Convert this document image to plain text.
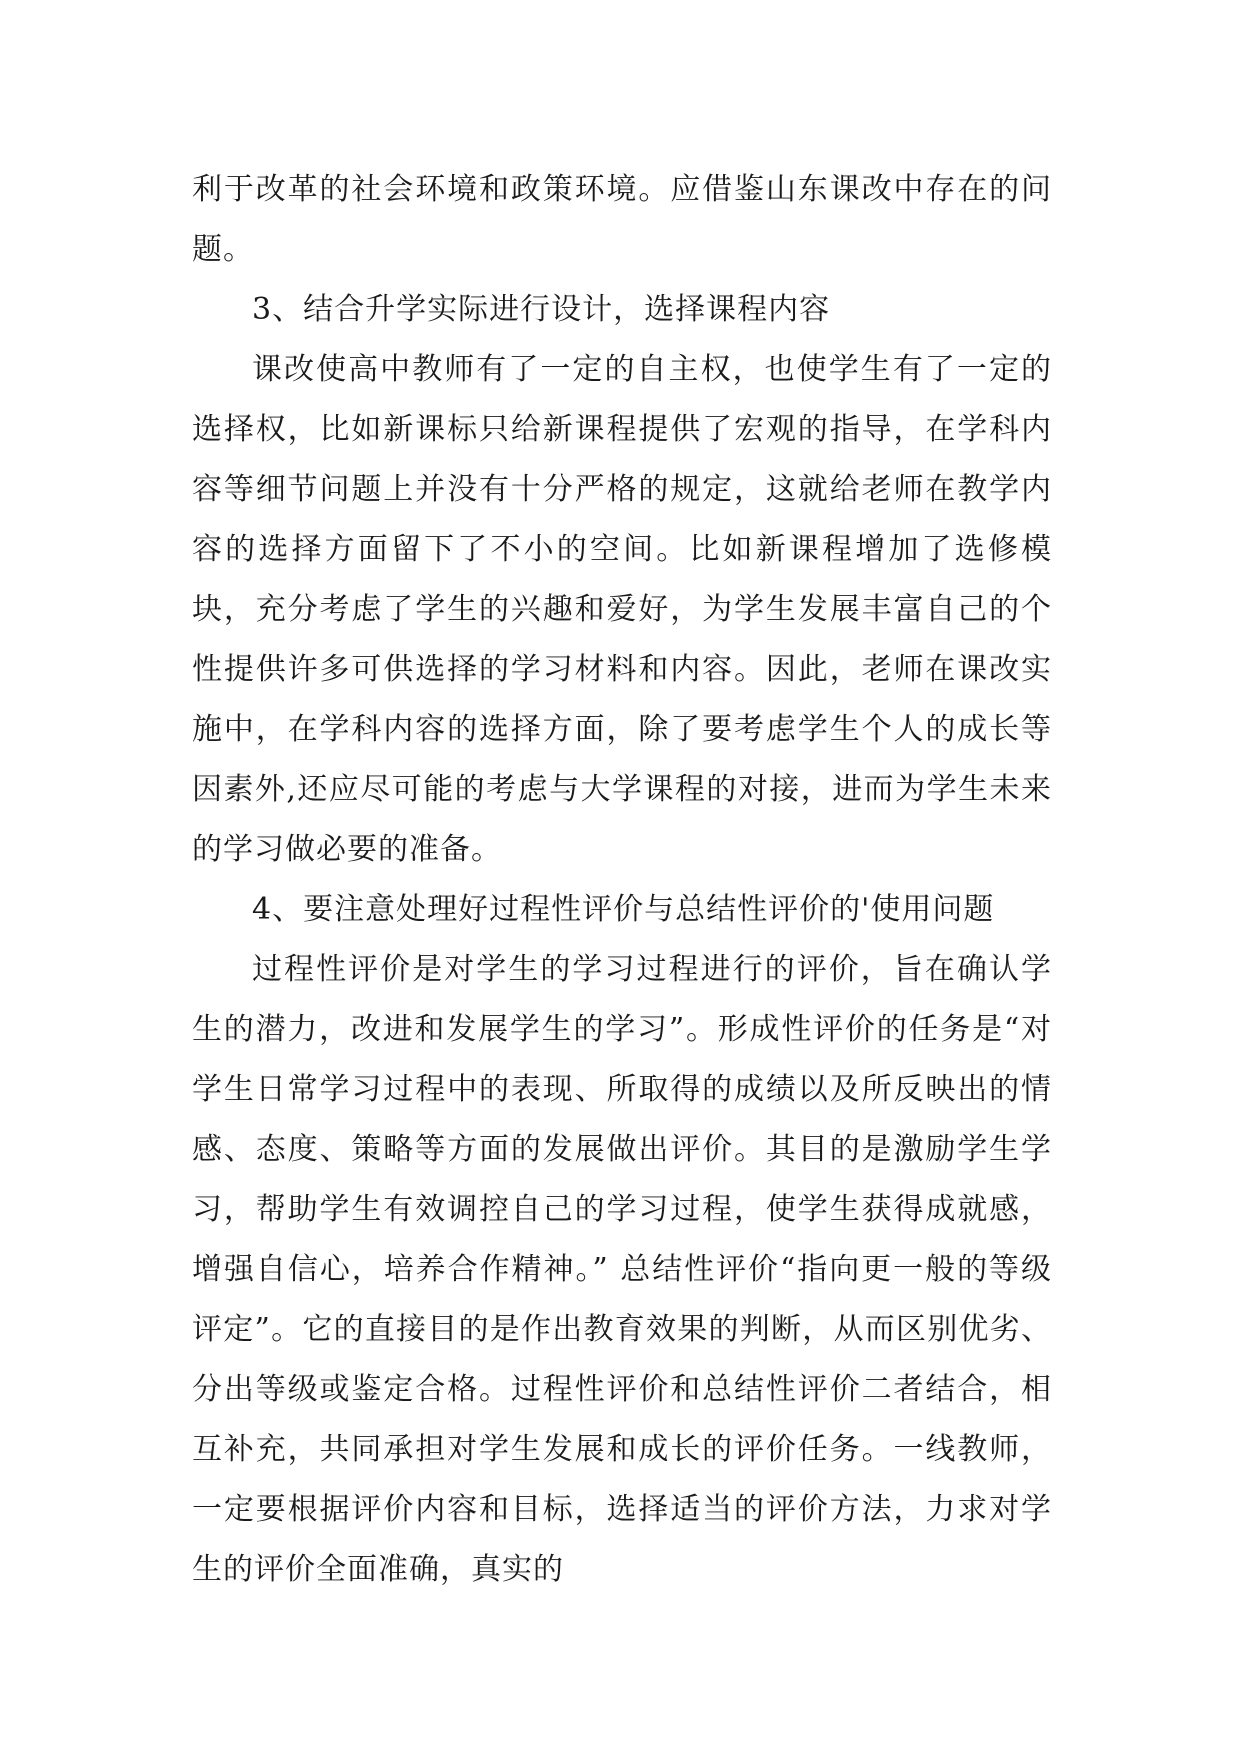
利于改革的社会环境和政策环境。应借鉴山东课改中存在的问题。

3、结合升学实际进行设计，选择课程内容

课改使高中教师有了一定的自主权，也使学生有了一定的选择权，比如新课标只给新课程提供了宏观的指导，在学科内容等细节问题上并没有十分严格的规定，这就给老师在教学内容的选择方面留下了不小的空间。比如新课程增加了选修模块，充分考虑了学生的兴趣和爱好，为学生发展丰富自己的个性提供许多可供选择的学习材料和内容。因此，老师在课改实施中，在学科内容的选择方面，除了要考虑学生个人的成长等因素外,还应尽可能的考虑与大学课程的对接，进而为学生未来的学习做必要的准备。

4、要注意处理好过程性评价与总结性评价的'使用问题

过程性评价是对学生的学习过程进行的评价，旨在确认学生的潜力，改进和发展学生的学习”。形成性评价的任务是“对学生日常学习过程中的表现、所取得的成绩以及所反映出的情感、态度、策略等方面的发展做出评价。其目的是激励学生学习，帮助学生有效调控自己的学习过程，使学生获得成就感，增强自信心，培养合作精神。” 总结性评价“指向更一般的等级评定”。它的直接目的是作出教育效果的判断，从而区别优劣、分出等级或鉴定合格。过程性评价和总结性评价二者结合，相互补充，共同承担对学生发展和成长的评价任务。一线教师，一定要根据评价内容和目标，选择适当的评价方法，力求对学生的评价全面准确，真实的
